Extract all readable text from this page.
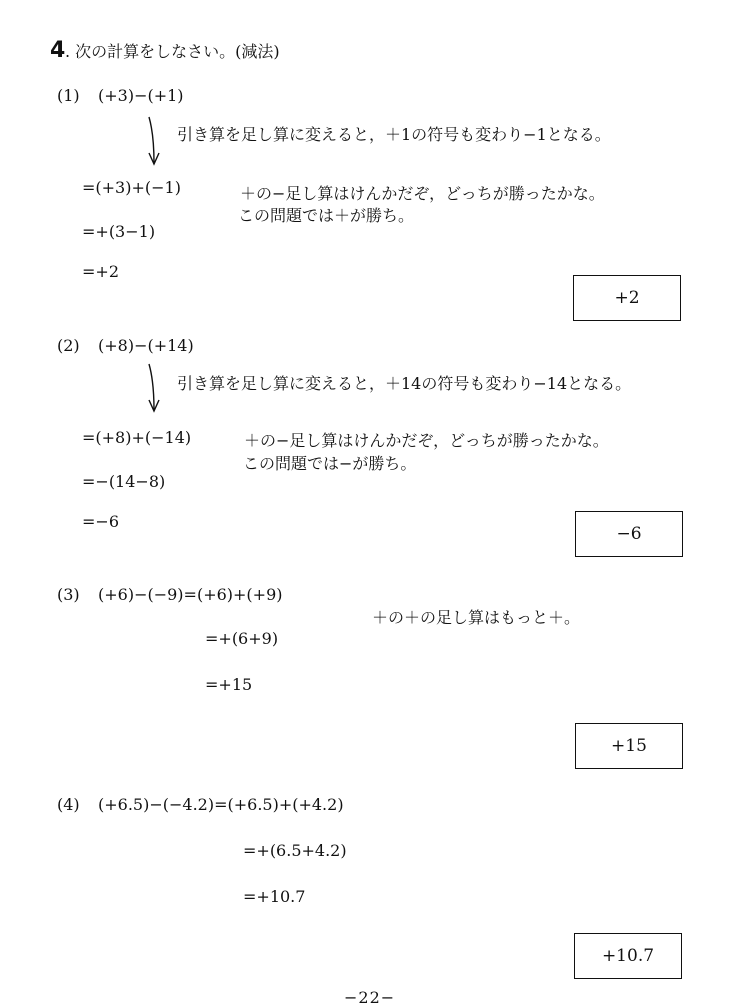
4 . 次の計算をしなさい。(減法)
(1) (+3)−(+1)
引き算を足し算に変えると，＋1の符号も変わり−1となる。
=(+3)+(−1)
=+(3−1)
=+2
＋の−足し算はけんかだぞ，どっちが勝ったかな。
この問題では＋が勝ち。
+2
(2) (+8)−(+14)
引き算を足し算に変えると，＋14の符号も変わり−14となる。
=(+8)+(−14)
=−(14−8)
=−6
＋の−足し算はけんかだぞ，どっちが勝ったかな。
この問題では−が勝ち。
−6
(3) (+6)−(−9)=(+6)+(+9)
＋の＋の足し算はもっと＋。
=+(6+9)
=+15
+15
(4) (+6.5)−(−4.2)=(+6.5)+(+4.2)
=+(6.5+4.2)
=+10.7
+10.7
−22−
